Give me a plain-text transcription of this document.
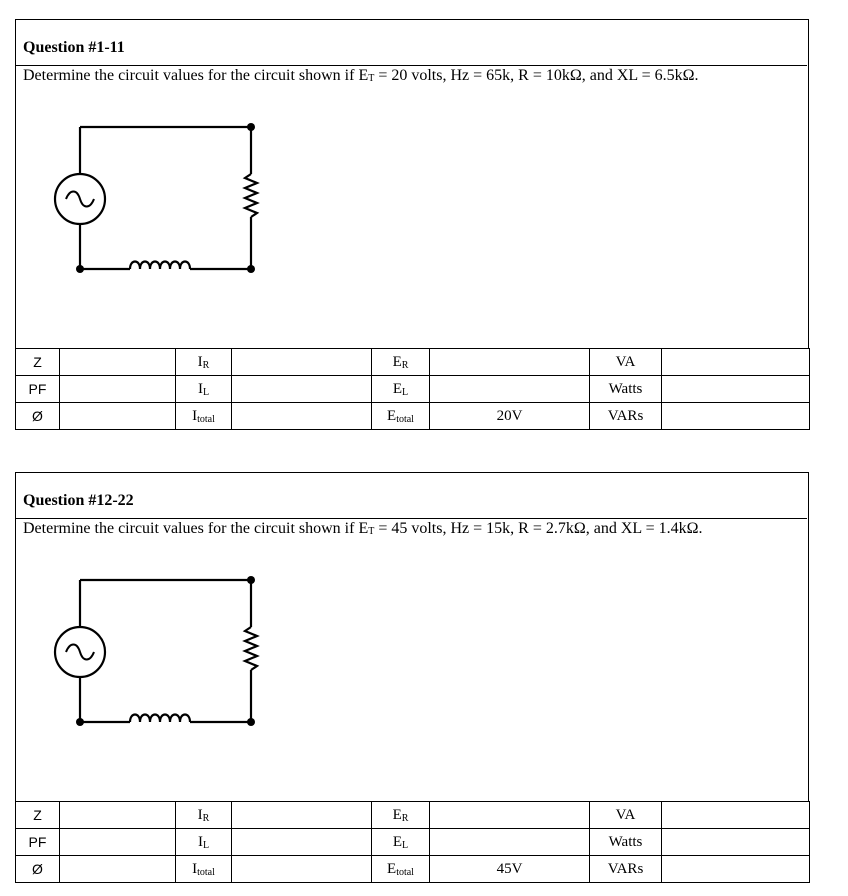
Question #1-11
Determine the circuit values for the circuit shown if $E_T = 20$ volts, Hz = 65k, R = 10kΩ, and XL = 6.5kΩ.
Z		$I_R$		$E_R$		VA	
PF		$I_L$		$E_L$		Watts	
Ø		$I_{total}$		$E_{total}$	20V	VARs	
Question #12-22
Determine the circuit values for the circuit shown if $E_T = 45$ volts, Hz = 15k, R = 2.7kΩ, and XL = 1.4kΩ.
Z		$I_R$		$E_R$		VA	
PF		$I_L$		$E_L$		Watts	
Ø		$I_{total}$		$E_{total}$	45V	VARs	
